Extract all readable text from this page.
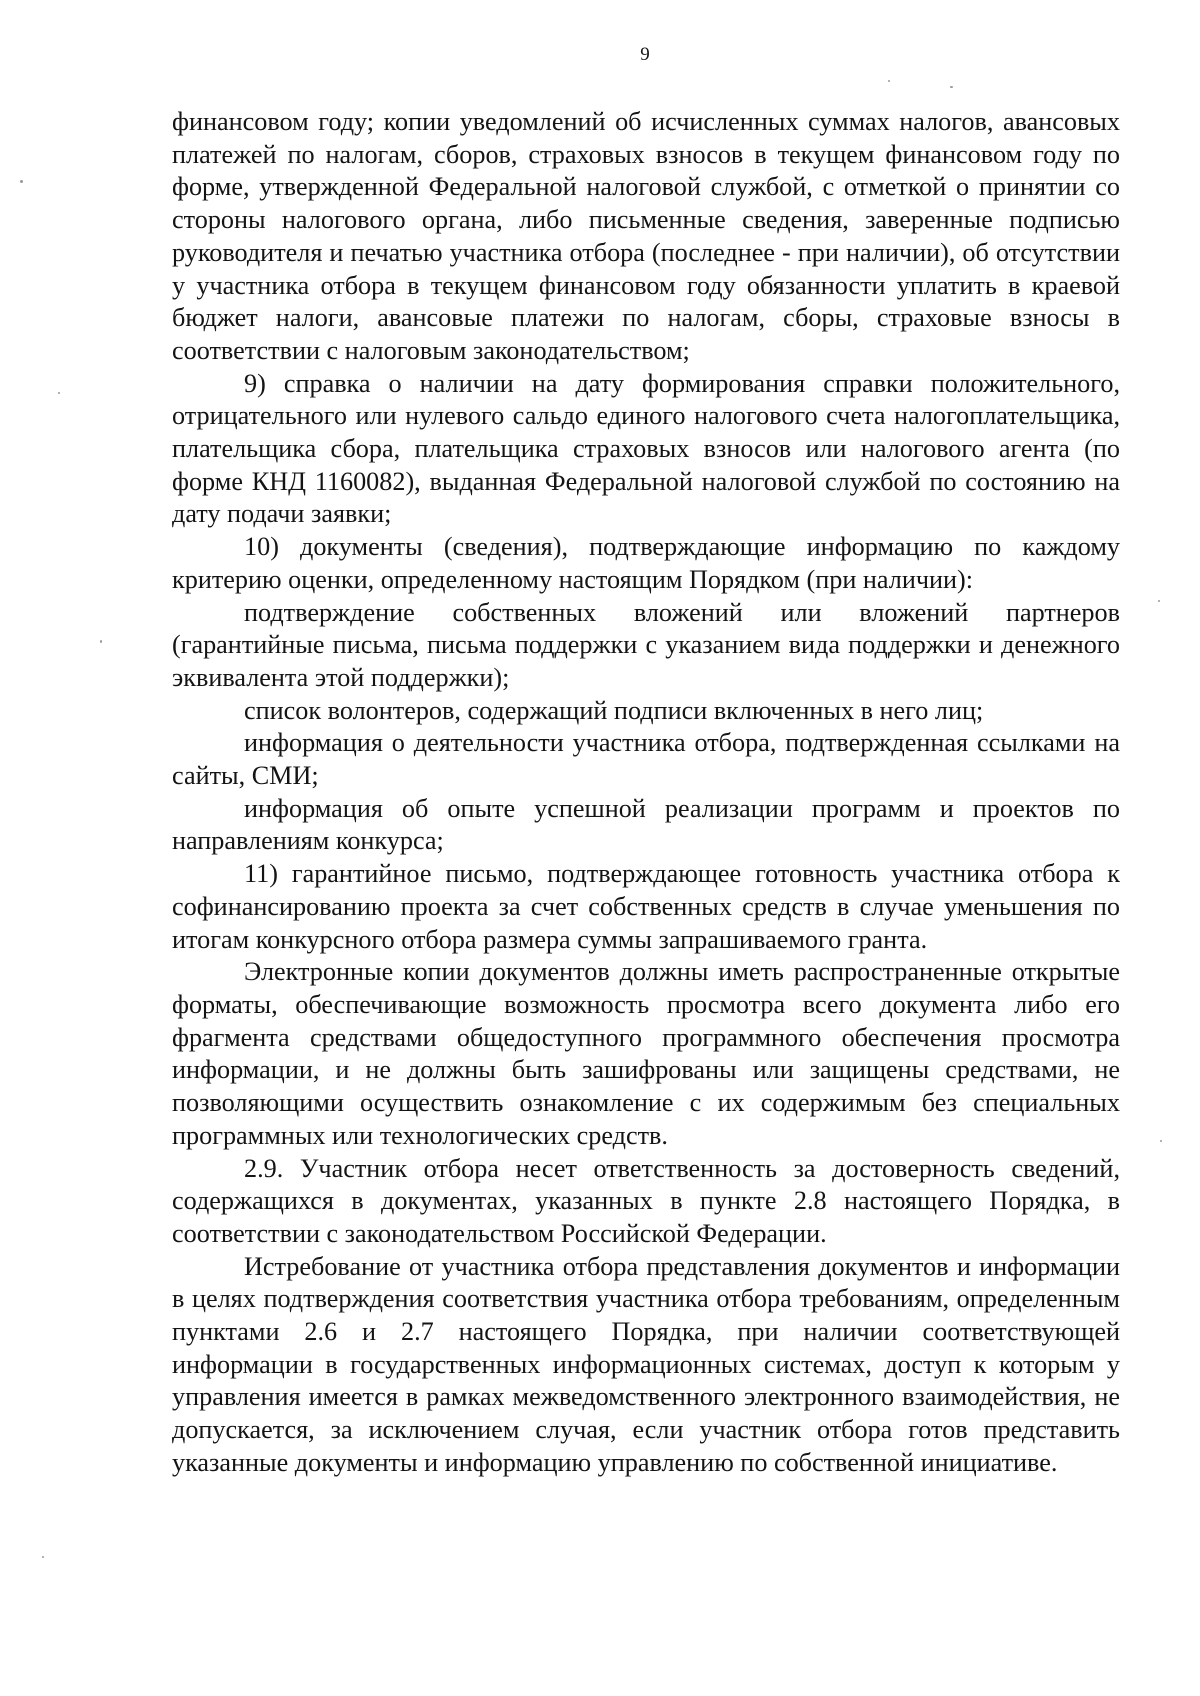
9

финансовом году; копии уведомлений об исчисленных суммах налогов, авансовых платежей по налогам, сборов, страховых взносов в текущем финансовом году по форме, утвержденной Федеральной налоговой службой, с отметкой о принятии со стороны налогового органа, либо письменные сведения, заверенные подписью руководителя и печатью участника отбора (последнее - при наличии), об отсутствии у участника отбора в текущем финансовом году обязанности уплатить в краевой бюджет налоги, авансовые платежи по налогам, сборы, страховые взносы в соответствии с налоговым законодательством;

9) справка о наличии на дату формирования справки положительного, отрицательного или нулевого сальдо единого налогового счета налогоплательщика, плательщика сбора, плательщика страховых взносов или налогового агента (по форме КНД 1160082), выданная Федеральной налоговой службой по состоянию на дату подачи заявки;

10) документы (сведения), подтверждающие информацию по каждому критерию оценки, определенному настоящим Порядком (при наличии):

подтверждение собственных вложений или вложений партнеров (гарантийные письма, письма поддержки с указанием вида поддержки и денежного эквивалента этой поддержки);

список волонтеров, содержащий подписи включенных в него лиц;

информация о деятельности участника отбора, подтвержденная ссылками на сайты, СМИ;

информация об опыте успешной реализации программ и проектов по направлениям конкурса;

11) гарантийное письмо, подтверждающее готовность участника отбора к софинансированию проекта за счет собственных средств в случае уменьшения по итогам конкурсного отбора размера суммы запрашиваемого гранта.

Электронные копии документов должны иметь распространенные открытые форматы, обеспечивающие возможность просмотра всего документа либо его фрагмента средствами общедоступного программного обеспечения просмотра информации, и не должны быть зашифрованы или защищены средствами, не позволяющими осуществить ознакомление с их содержимым без специальных программных или технологических средств.

2.9. Участник отбора несет ответственность за достоверность сведений, содержащихся в документах, указанных в пункте 2.8 настоящего Порядка, в соответствии с законодательством Российской Федерации.

Истребование от участника отбора представления документов и информации в целях подтверждения соответствия участника отбора требованиям, определенным пунктами 2.6 и 2.7 настоящего Порядка, при наличии соответствующей информации в государственных информационных системах, доступ к которым у управления имеется в рамках межведомственного электронного взаимодействия, не допускается, за исключением случая, если участник отбора готов представить указанные документы и информацию управлению по собственной инициативе.
